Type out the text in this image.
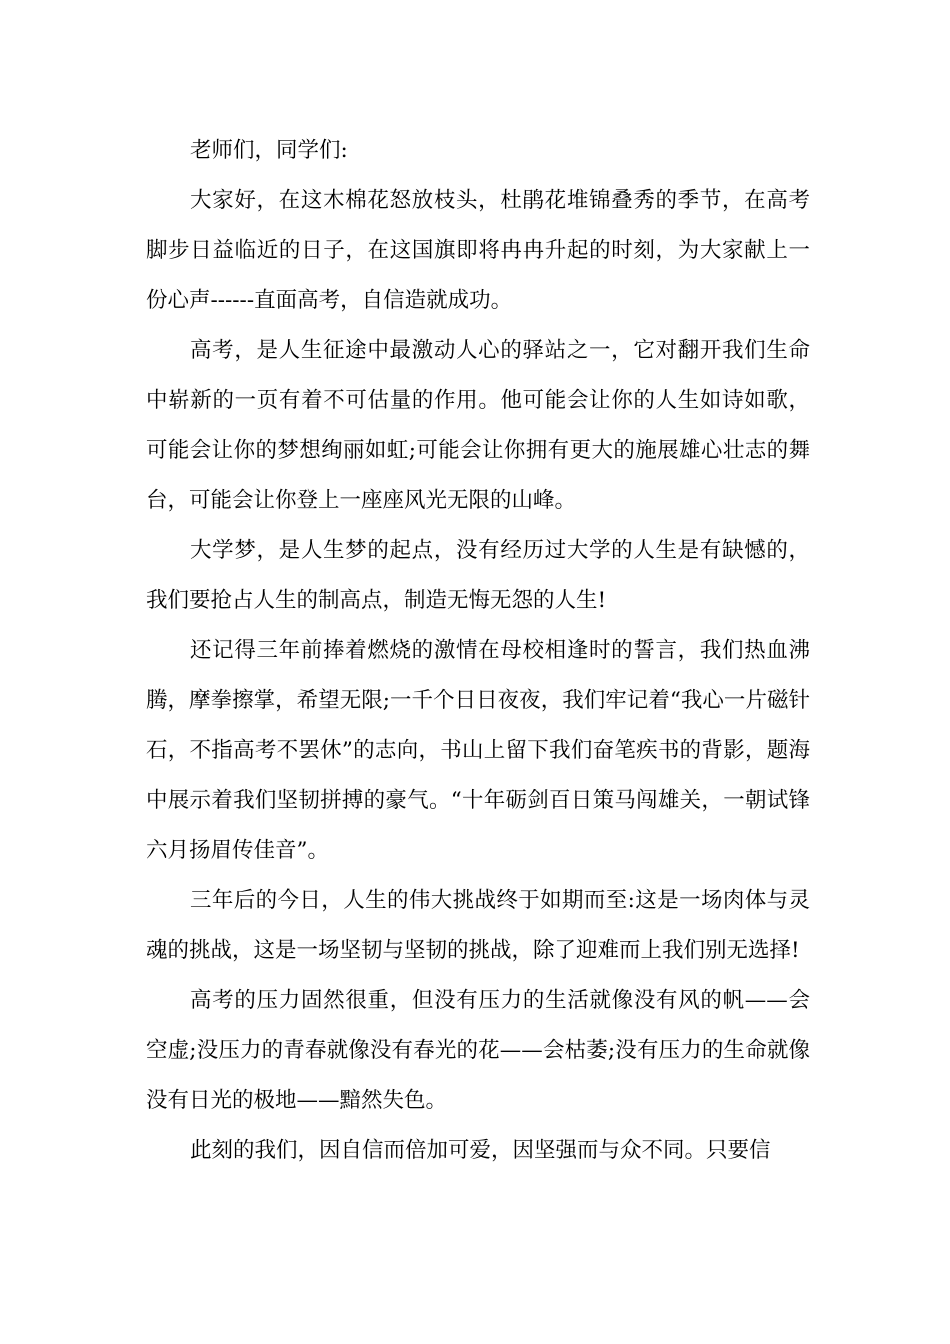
老师们，同学们:

大家好，在这木棉花怒放枝头，杜鹃花堆锦叠秀的季节，在高考脚步日益临近的日子，在这国旗即将冉冉升起的时刻，为大家献上一份心声------直面高考，自信造就成功。

高考，是人生征途中最激动人心的驿站之一，它对翻开我们生命中崭新的一页有着不可估量的作用。他可能会让你的人生如诗如歌，可能会让你的梦想绚丽如虹;可能会让你拥有更大的施展雄心壮志的舞台，可能会让你登上一座座风光无限的山峰。

大学梦，是人生梦的起点，没有经历过大学的人生是有缺憾的，我们要抢占人生的制高点，制造无悔无怨的人生!

还记得三年前捧着燃烧的激情在母校相逢时的誓言，我们热血沸腾，摩拳擦掌，希望无限;一千个日日夜夜，我们牢记着“我心一片磁针石，不指高考不罢休”的志向，书山上留下我们奋笔疾书的背影，题海中展示着我们坚韧拼搏的豪气。“十年砺剑百日策马闯雄关，一朝试锋六月扬眉传佳音”。

三年后的今日，人生的伟大挑战终于如期而至:这是一场肉体与灵魂的挑战，这是一场坚韧与坚韧的挑战，除了迎难而上我们别无选择!

高考的压力固然很重，但没有压力的生活就像没有风的帆——会空虚;没压力的青春就像没有春光的花——会枯萎;没有压力的生命就像没有日光的极地——黯然失色。

此刻的我们，因自信而倍加可爱，因坚强而与众不同。只要信
